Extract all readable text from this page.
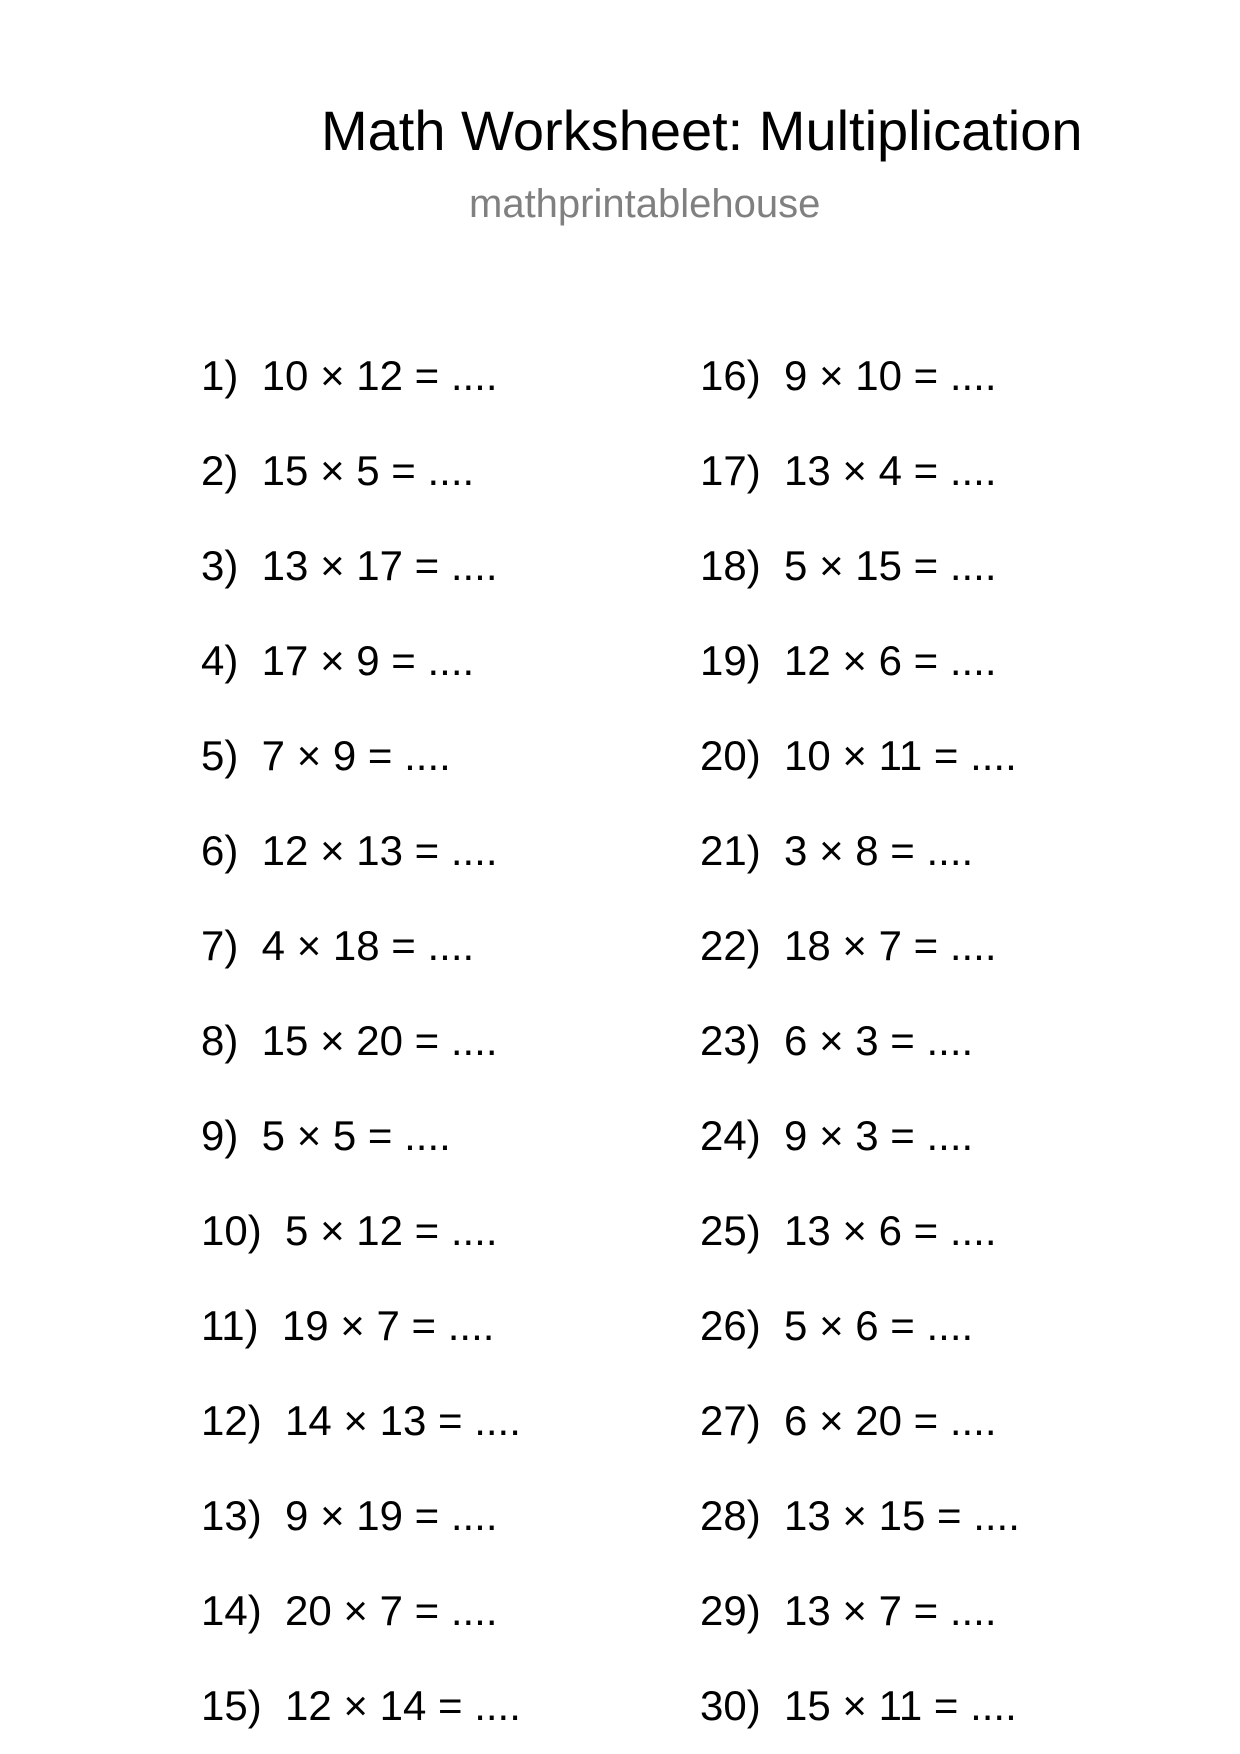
Math Worksheet: Multiplication
mathprintablehouse
1)  10 × 12 = ....
2)  15 × 5 = ....
3)  13 × 17 = ....
4)  17 × 9 = ....
5)  7 × 9 = ....
6)  12 × 13 = ....
7)  4 × 18 = ....
8)  15 × 20 = ....
9)  5 × 5 = ....
10)  5 × 12 = ....
11)  19 × 7 = ....
12)  14 × 13 = ....
13)  9 × 19 = ....
14)  20 × 7 = ....
15)  12 × 14 = ....
16)  9 × 10 = ....
17)  13 × 4 = ....
18)  5 × 15 = ....
19)  12 × 6 = ....
20)  10 × 11 = ....
21)  3 × 8 = ....
22)  18 × 7 = ....
23)  6 × 3 = ....
24)  9 × 3 = ....
25)  13 × 6 = ....
26)  5 × 6 = ....
27)  6 × 20 = ....
28)  13 × 15 = ....
29)  13 × 7 = ....
30)  15 × 11 = ....
